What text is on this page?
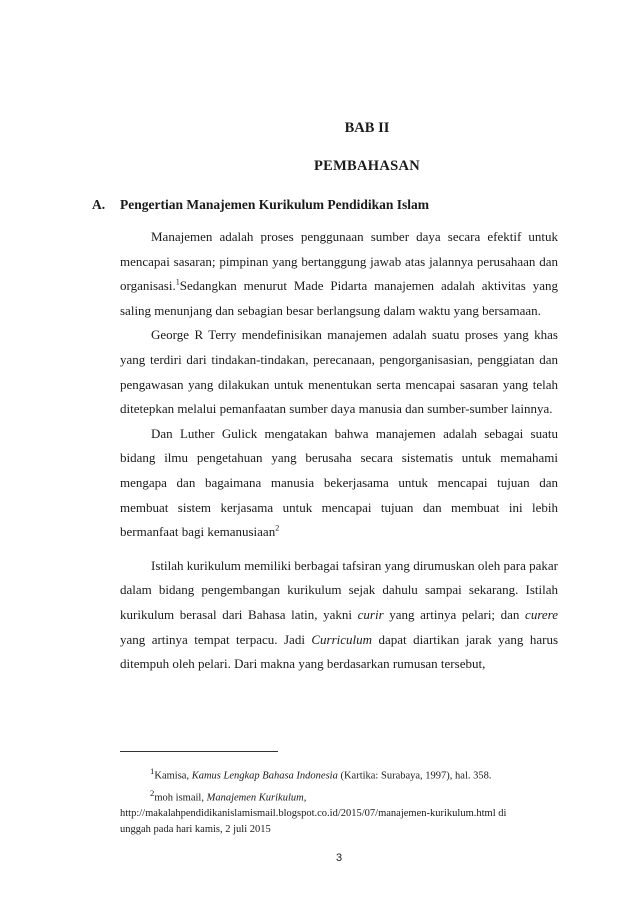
BAB II
PEMBAHASAN
A. Pengertian Manajemen Kurikulum Pendidikan Islam

Manajemen adalah proses penggunaan sumber daya secara efektif untuk mencapai sasaran; pimpinan yang bertanggung jawab atas jalannya perusahaan dan organisasi.$^1$Sedangkan menurut Made Pidarta manajemen adalah aktivitas yang saling menunjang dan sebagian besar berlangsung dalam waktu yang bersamaan.

George R Terry mendefinisikan manajemen adalah suatu proses yang khas yang terdiri dari tindakan-tindakan, perecanaan, pengorganisasian, penggiatan dan pengawasan yang dilakukan untuk menentukan serta mencapai sasaran yang telah ditetepkan melalui pemanfaatan sumber daya manusia dan sumber-sumber lainnya.

Dan Luther Gulick mengatakan bahwa manajemen adalah sebagai suatu bidang ilmu pengetahuan yang berusaha secara sistematis untuk memahami mengapa dan bagaimana manusia bekerjasama untuk mencapai tujuan dan membuat sistem kerjasama untuk mencapai tujuan dan membuat ini lebih bermanfaat bagi kemanusiaan$^2$

Istilah kurikulum memiliki berbagai tafsiran yang dirumuskan oleh para pakar dalam bidang pengembangan kurikulum sejak dahulu sampai sekarang. Istilah kurikulum berasal dari Bahasa latin, yakni curir yang artinya pelari; dan curere yang artinya tempat terpacu. Jadi Curriculum dapat diartikan jarak yang harus ditempuh oleh pelari. Dari makna yang berdasarkan rumusan tersebut,

$^1$Kamisa, Kamus Lengkap Bahasa Indonesia (Kartika: Surabaya, 1997), hal. 358.
$^2$moh ismail, Manajemen Kurikulum,
http://makalahpendidikanislamismail.blogspot.co.id/2015/07/manajemen-kurikulum.html di
unggah pada hari kamis, 2 juli 2015
3
